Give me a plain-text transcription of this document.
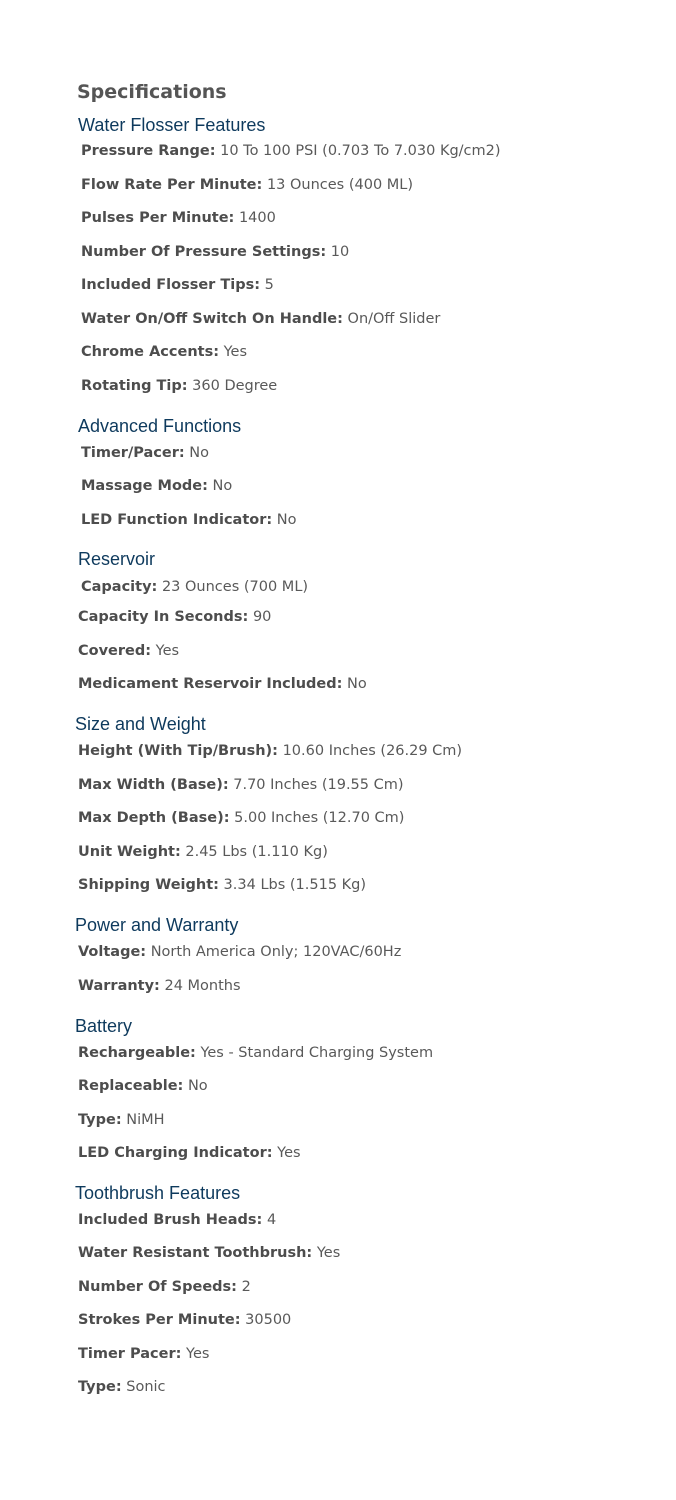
Specifications
Water Flosser Features
Pressure Range: 10 To 100 PSI (0.703 To 7.030 Kg/cm2)
Flow Rate Per Minute: 13 Ounces (400 ML)
Pulses Per Minute: 1400
Number Of Pressure Settings: 10
Included Flosser Tips: 5
Water On/Off Switch On Handle: On/Off Slider
Chrome Accents: Yes
Rotating Tip: 360 Degree
Advanced Functions
Timer/Pacer: No
Massage Mode: No
LED Function Indicator: No
Reservoir
Capacity: 23 Ounces (700 ML)
Capacity In Seconds: 90
Covered: Yes
Medicament Reservoir Included: No
Size and Weight
Height (With Tip/Brush): 10.60 Inches (26.29 Cm)
Max Width (Base): 7.70 Inches (19.55 Cm)
Max Depth (Base): 5.00 Inches (12.70 Cm)
Unit Weight: 2.45 Lbs (1.110 Kg)
Shipping Weight: 3.34 Lbs (1.515 Kg)
Power and Warranty
Voltage: North America Only; 120VAC/60Hz
Warranty: 24 Months
Battery
Rechargeable: Yes - Standard Charging System
Replaceable: No
Type: NiMH
LED Charging Indicator: Yes
Toothbrush Features
Included Brush Heads: 4
Water Resistant Toothbrush: Yes
Number Of Speeds: 2
Strokes Per Minute: 30500
Timer Pacer: Yes
Type: Sonic
